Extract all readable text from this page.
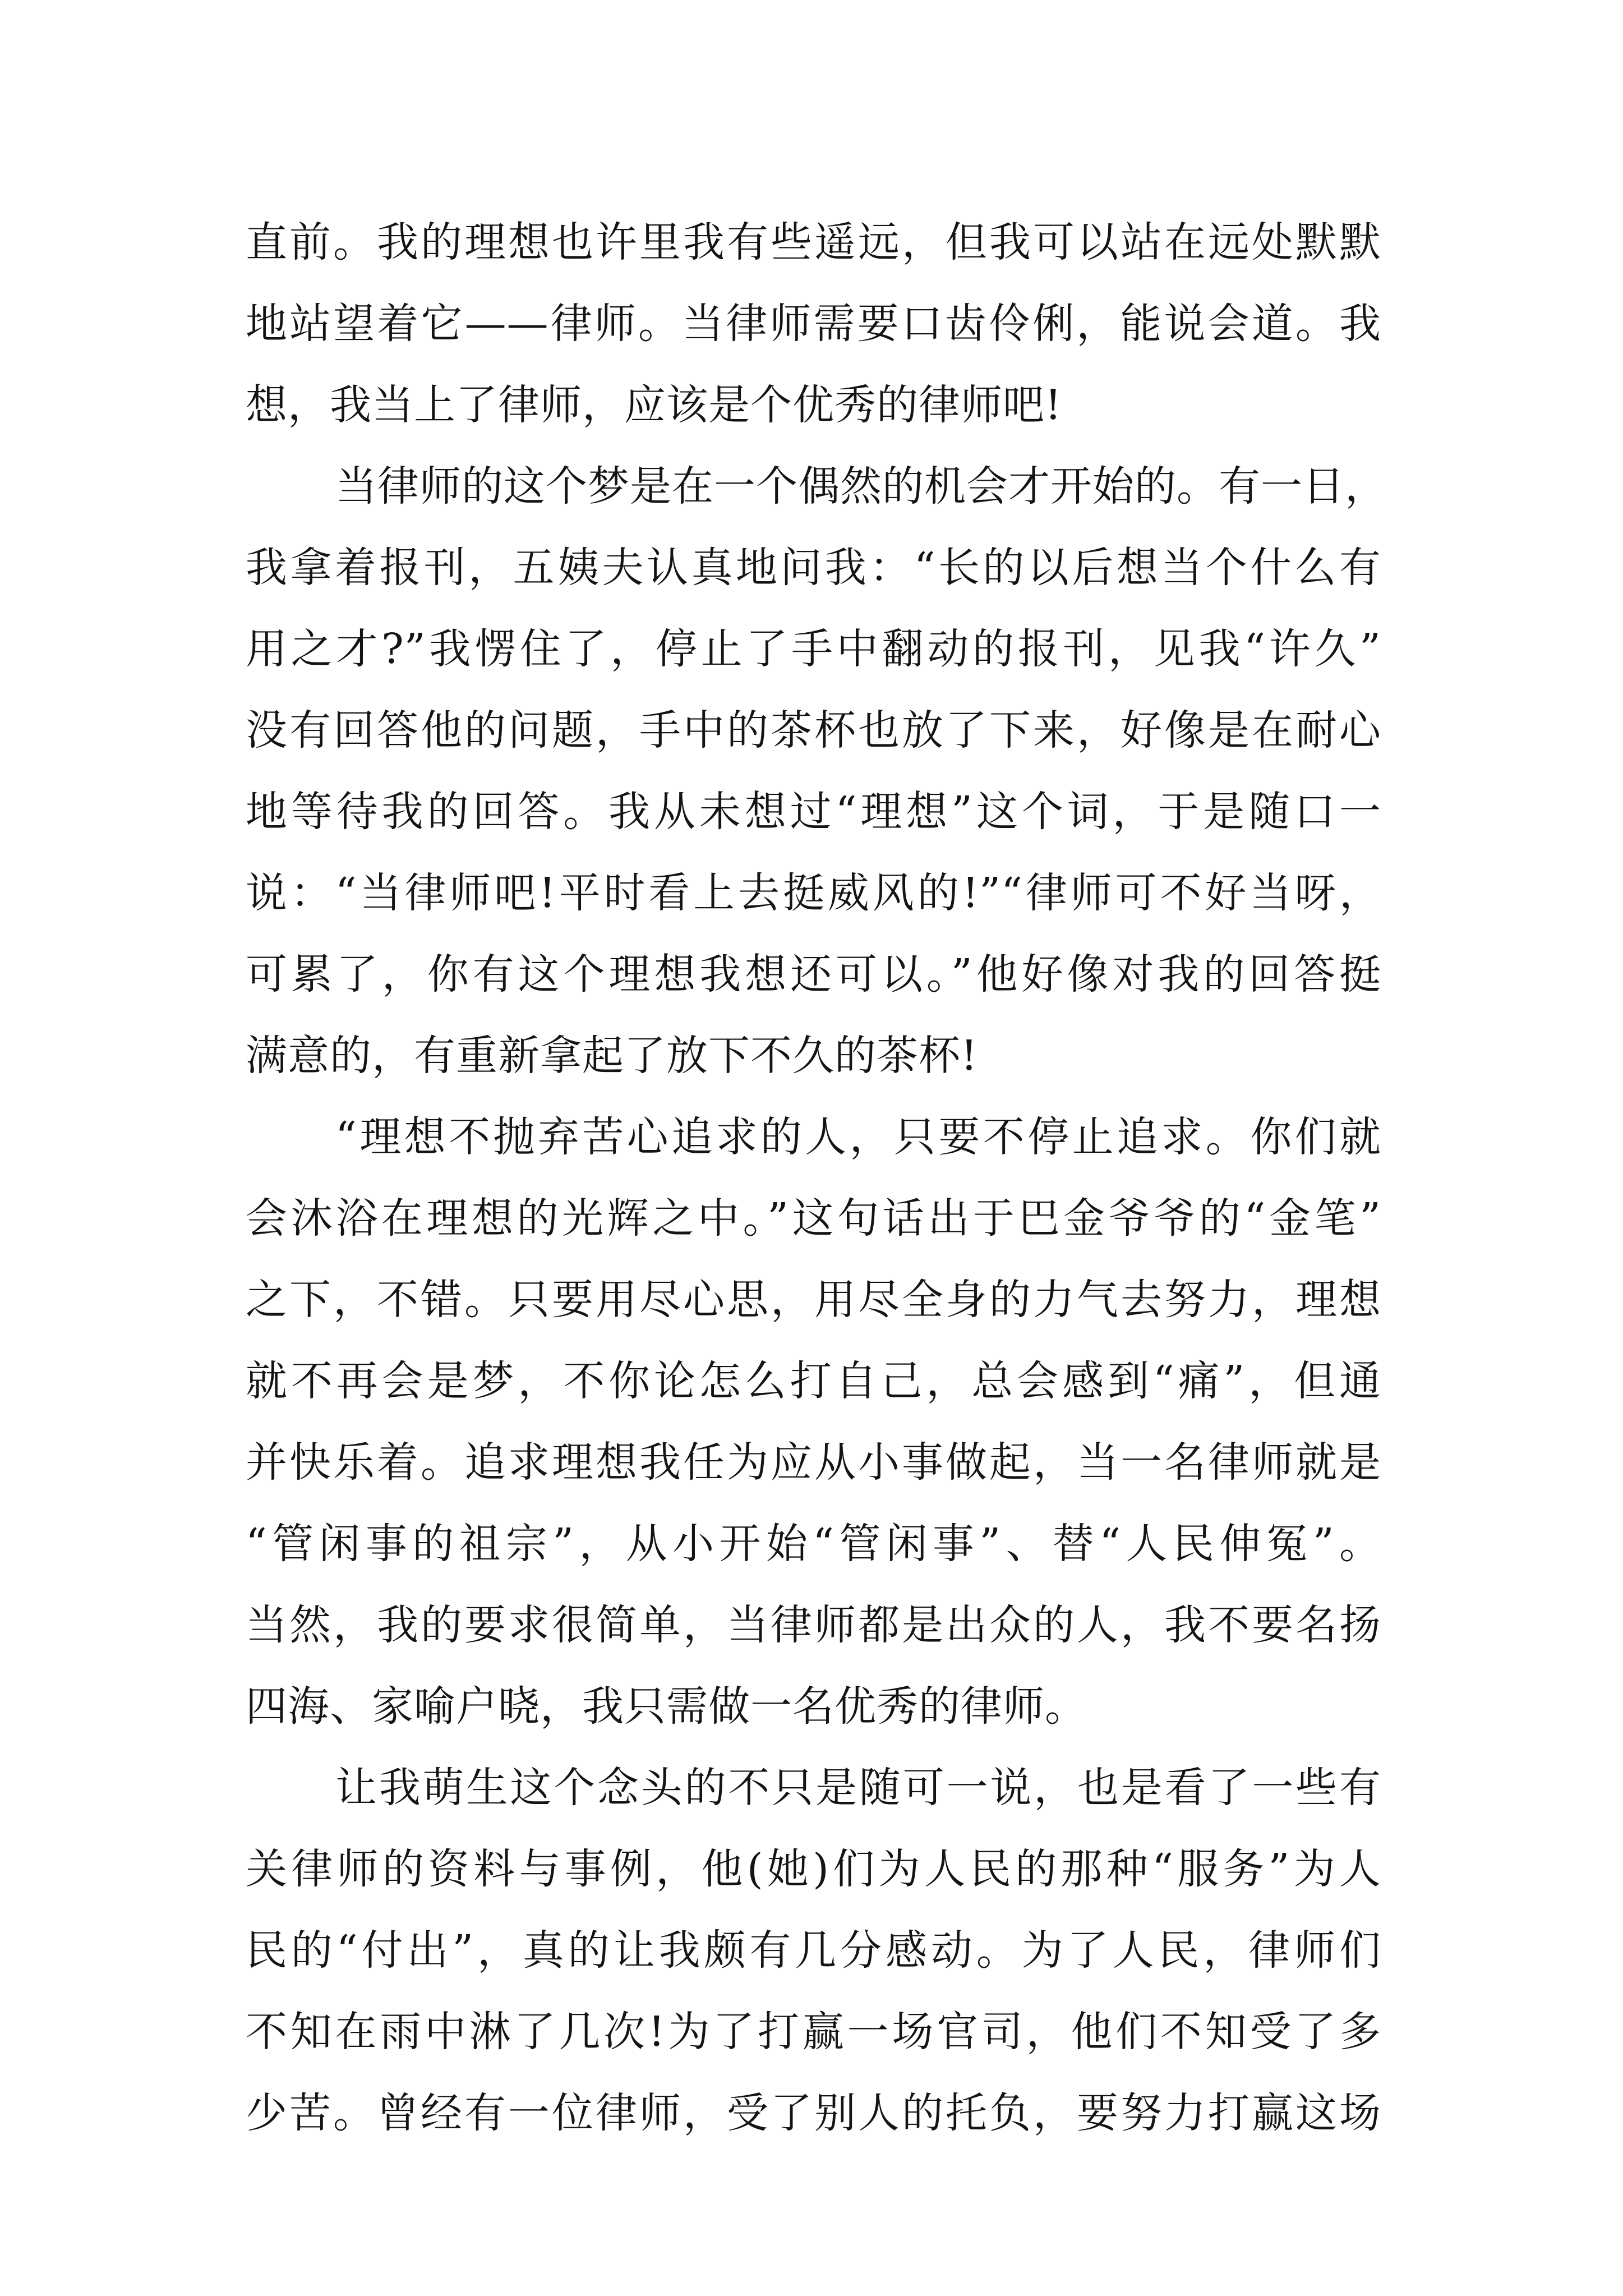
直前。我的理想也许里我有些遥远，但我可以站在远处默默
地站望着它——律师。当律师需要口齿伶俐，能说会道。我
想，我当上了律师，应该是个优秀的律师吧!
当律师的这个梦是在一个偶然的机会才开始的。有一日，
我拿着报刊，五姨夫认真地问我：“长的以后想当个什么有
用之才?”我愣住了，停止了手中翻动的报刊，见我“许久”
没有回答他的问题，手中的茶杯也放了下来，好像是在耐心
地等待我的回答。我从未想过“理想”这个词，于是随口一
说：“当律师吧!平时看上去挺威风的!”“律师可不好当呀，
可累了，你有这个理想我想还可以。”他好像对我的回答挺
满意的，有重新拿起了放下不久的茶杯!
“理想不抛弃苦心追求的人，只要不停止追求。你们就
会沐浴在理想的光辉之中。”这句话出于巴金爷爷的“金笔”
之下，不错。只要用尽心思，用尽全身的力气去努力，理想
就不再会是梦，不你论怎么打自己，总会感到“痛”，但通
并快乐着。追求理想我任为应从小事做起，当一名律师就是
“管闲事的祖宗”，从小开始“管闲事”、替“人民伸冤”。
当然，我的要求很简单，当律师都是出众的人，我不要名扬
四海、家喻户晓，我只需做一名优秀的律师。
让我萌生这个念头的不只是随可一说，也是看了一些有
关律师的资料与事例，他(她)们为人民的那种“服务”为人
民的“付出”，真的让我颇有几分感动。为了人民，律师们
不知在雨中淋了几次!为了打赢一场官司，他们不知受了多
少苦。曾经有一位律师，受了别人的托负，要努力打赢这场
